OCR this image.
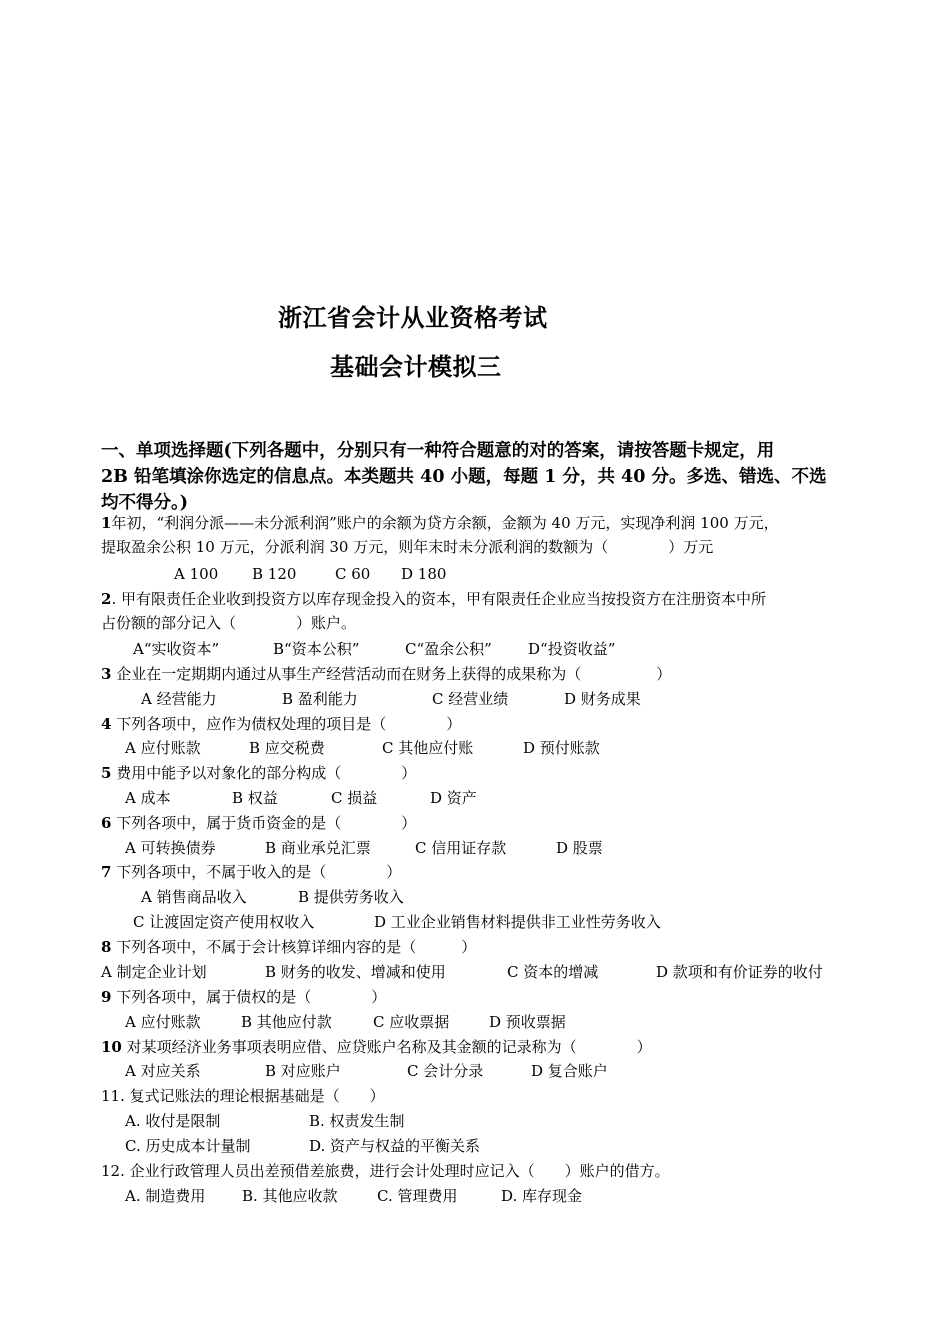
浙江省会计从业资格考试
基础会计模拟三
一、单项选择题(下列各题中，分别只有一种符合题意的对的答案，请按答题卡规定，用
2B 铅笔填涂你选定的信息点。本类题共 40 小题，每题 1 分，共 40 分。多选、错选、不选
均不得分。)
1年初，“利润分派——未分派利润”账户的余额为贷方余额，金额为 40 万元，实现净利润 100 万元，
提取盈余公积 10 万元，分派利润 30 万元，则年末时未分派利润的数额为（　　　　）万元
A 100 B 120	C 60 D 180
2. 甲有限责任企业收到投资方以库存现金投入的资本，甲有限责任企业应当按投资方在注册资本中所
占份额的部分记入（　　　　）账户。
A“实收资本”	B“资本公积”	C“盈余公积” D“投资收益”
3 企业在一定期期内通过从事生产经营活动而在财务上获得的成果称为（　　　　　）
A 经营能力	B 盈利能力	C 经营业绩	D 财务成果
4 下列各项中，应作为债权处理的项目是（　　　　）
A 应付账款	B 应交税费	C 其他应付账	D 预付账款
5 费用中能予以对象化的部分构成（　　　　）
A 成本	B 权益	C 损益	D 资产
6 下列各项中，属于货币资金的是（　　　　）
A 可转换债券	B 商业承兑汇票	C 信用证存款	D 股票
7 下列各项中，不属于收入的是（　　　　）
A 销售商品收入	B 提供劳务收入
C 让渡固定资产使用权收入	D 工业企业销售材料提供非工业性劳务收入
8 下列各项中，不属于会计核算详细内容的是（　　　）
A 制定企业计划	B 财务的收发、增减和使用	C 资本的增减	D 款项和有价证券的收付
9 下列各项中，属于债权的是（　　　　）
A 应付账款	B 其他应付款	C 应收票据	D 预收票据
10 对某项经济业务事项表明应借、应贷账户名称及其金额的记录称为（　　　　）
A 对应关系	B 对应账户	C 会计分录	D 复合账户
11. 复式记账法的理论根据基础是（　　）
A. 收付是限制	B. 权责发生制
C. 历史成本计量制	D. 资产与权益的平衡关系
12. 企业行政管理人员出差预借差旅费，进行会计处理时应记入（　　）账户的借方。
A. 制造费用 B. 其他应收款	C. 管理费用	D. 库存现金
